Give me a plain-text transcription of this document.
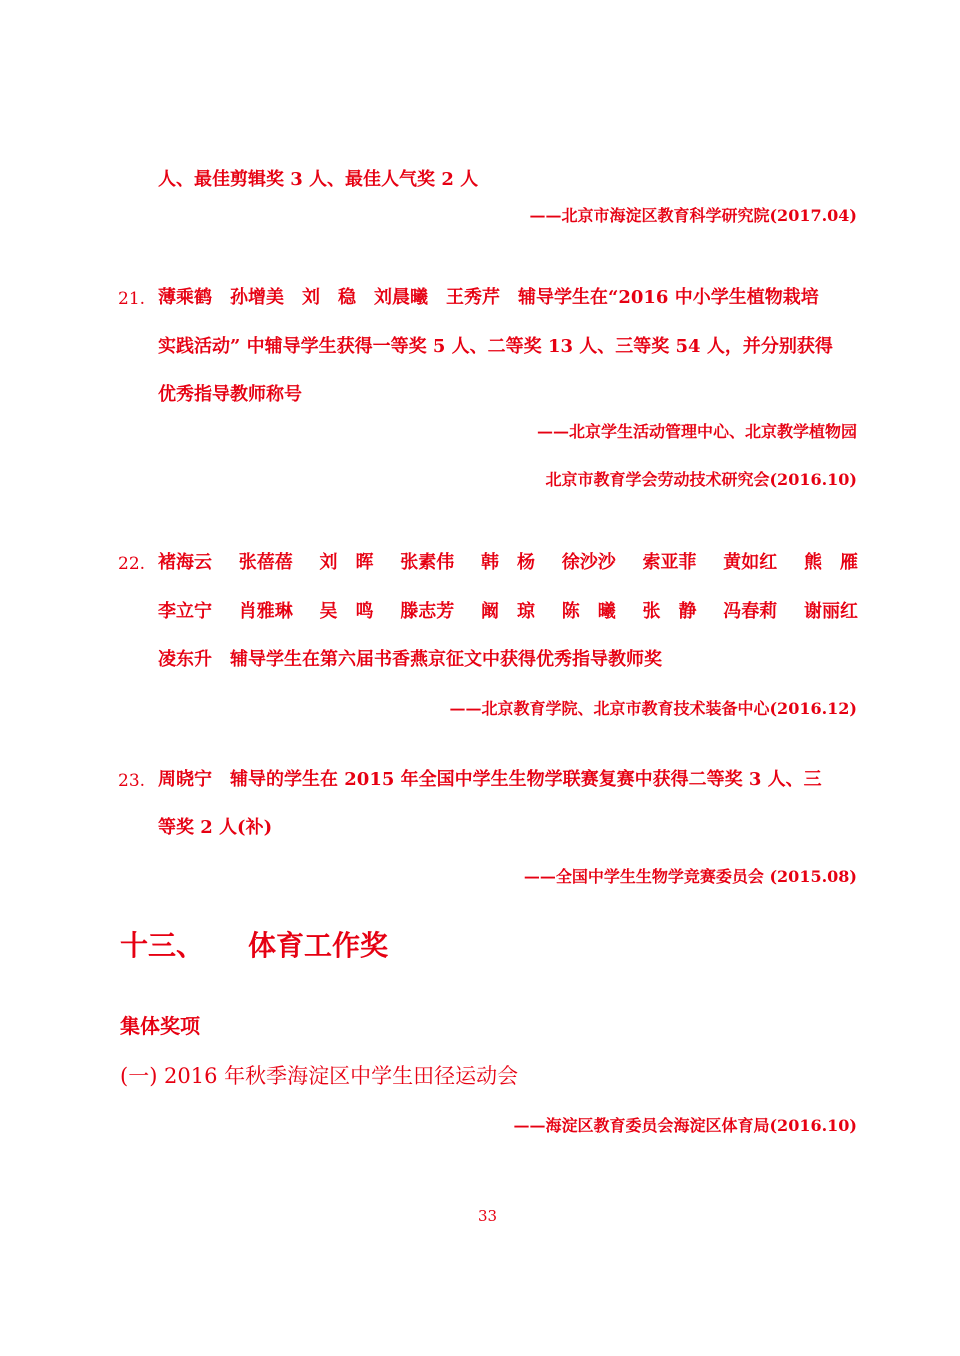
人、最佳剪辑奖 3 人、最佳人气奖 2 人
——北京市海淀区教育科学研究院(2017.04)
21. 薄乘鹤　孙增美　刘　稳　刘晨曦　王秀芹　辅导学生在“2016 中小学生植物栽培
实践活动” 中辅导学生获得一等奖 5 人、二等奖 13 人、三等奖 54 人，并分别获得
优秀指导教师称号
——北京学生活动管理中心、北京教学植物园
北京市教育学会劳动技术研究会(2016.10)
22. 褚海云 张蓓蓓 刘　晖 张素伟 韩　杨 徐沙沙 索亚菲 黄如红 熊　雁
李立宁 肖雅琳 吴　鸣 滕志芳 阚　琼 陈　曦 张　静 冯春莉 谢丽红
凌东升　辅导学生在第六届书香燕京征文中获得优秀指导教师奖
——北京教育学院、北京市教育技术装备中心(2016.12)
23. 周晓宁　辅导的学生在 2015 年全国中学生生物学联赛复赛中获得二等奖 3 人、三
等奖 2 人(补)
——全国中学生生物学竞赛委员会 (2015.08)
十三、 体育工作奖
集体奖项
(一) 2016 年秋季海淀区中学生田径运动会
——海淀区教育委员会海淀区体育局(2016.10)
33
